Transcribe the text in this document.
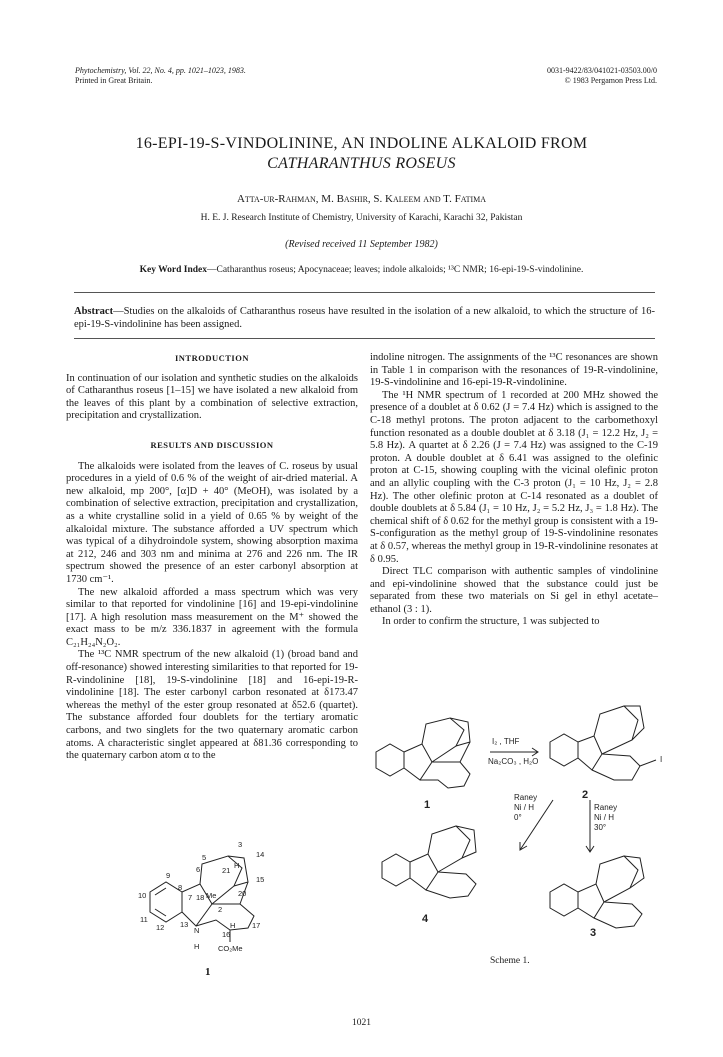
Phytochemistry, Vol. 22, No. 4, pp. 1021–1023, 1983.
Printed in Great Britain.
0031-9422/83/041021-03503.00/0
© 1983 Pergamon Press Ltd.
16-EPI-19-S-VINDOLININE, AN INDOLINE ALKALOID FROM
CATHARANTHUS ROSEUS
Atta-ur-Rahman, M. Bashir, S. Kaleem and T. Fatima
H. E. J. Research Institute of Chemistry, University of Karachi, Karachi 32, Pakistan
(Revised received 11 September 1982)
Key Word Index—Catharanthus roseus; Apocynaceae; leaves; indole alkaloids; ¹³C NMR; 16-epi-19-S-vindolinine.
Abstract—Studies on the alkaloids of Catharanthus roseus have resulted in the isolation of a new alkaloid, to which the structure of 16-epi-19-S-vindolinine has been assigned.
INTRODUCTION

In continuation of our isolation and synthetic studies on the alkaloids of Catharanthus roseus [1–15] we have isolated a new alkaloid from the leaves of this plant by a combination of selective extraction, precipitation and crystallization.

RESULTS AND DISCUSSION

The alkaloids were isolated from the leaves of C. roseus by usual procedures in a yield of 0.6 % of the weight of air-dried material. A new alkaloid, mp 200°, [α]D + 40° (MeOH), was isolated by a combination of selective extraction, precipitation and crystallization, as a white crystalline solid in a yield of 0.65 % by weight of the alkaloidal mixture. The substance afforded a UV spectrum which was typical of a dihydroindole system, showing absorption maxima at 212, 246 and 303 nm and minima at 276 and 226 nm. The IR spectrum showed the presence of an ester carbonyl absorption at 1730 cm⁻¹.

The new alkaloid afforded a mass spectrum which was very similar to that reported for vindolinine [16] and 19-epi-vindolinine [17]. A high resolution mass measurement on the M⁺ showed the exact mass to be m/z 336.1837 in agreement with the formula C₂₁H₂₄N₂O₂.

The ¹³C NMR spectrum of the new alkaloid (1) (broad band and off-resonance) showed interesting similarities to that reported for 19-R-vindolinine [18], 19-S-vindolinine [18] and 16-epi-19-R-vindolinine [18]. The ester carbonyl carbon resonated at δ173.47 whereas the methyl of the ester group resonated at δ52.6 (quartet). The substance afforded four doublets for the tertiary aromatic carbons, and two singlets for the two quaternary aromatic carbon atoms. A characteristic singlet appeared at δ81.36 corresponding to the quaternary carbon atom α to the

indoline nitrogen. The assignments of the ¹³C resonances are shown in Table 1 in comparison with the resonances of 19-R-vindolinine, 19-S-vindolinine and 16-epi-19-R-vindolinine.

The ¹H NMR spectrum of 1 recorded at 200 MHz showed the presence of a doublet at δ 0.62 (J = 7.4 Hz) which is assigned to the C-18 methyl protons. The proton adjacent to the carbomethoxyl function resonated as a double doublet at δ 3.18 (J₁ = 12.2 Hz, J₂ = 5.8 Hz). A quartet at δ 2.26 (J = 7.4 Hz) was assigned to the C-19 proton. A double doublet at δ 6.41 was assigned to the olefinic proton at C-15, showing coupling with the vicinal olefinic proton and an allylic coupling with the C-3 proton (J₁ = 10 Hz, J₂ = 2.8 Hz). The other olefinic proton at C-14 resonated as a doublet of double doublets at δ 5.84 (J₁ = 10 Hz, J₂ = 5.2 Hz, J₃ = 1.8 Hz). The chemical shift of δ 0.62 for the methyl group is consistent with a 19-S-configuration as the methyl group of 19-S-vindolinine resonates at δ 0.57, whereas the methyl group in 19-R-vindolinine resonates at δ 0.95.

Direct TLC comparison with authentic samples of vindolinine and epi-vindolinine showed that the substance could just be separated from these two materials on Si gel in ethyl acetate–ethanol (3 : 1).

In order to confirm the structure, 1 was subjected to

3
5
6	21
H
14
15
9
8
7 18 Me	20
2
10
11
12 13
N	16
17
H
H CO₂Me
1
I₂ , THF
Na₂CO₃ , H₂O	I
Raney
Ni / H
0°
Raney
Ni / H
30°
1
2
4
3
Scheme 1.
1021
